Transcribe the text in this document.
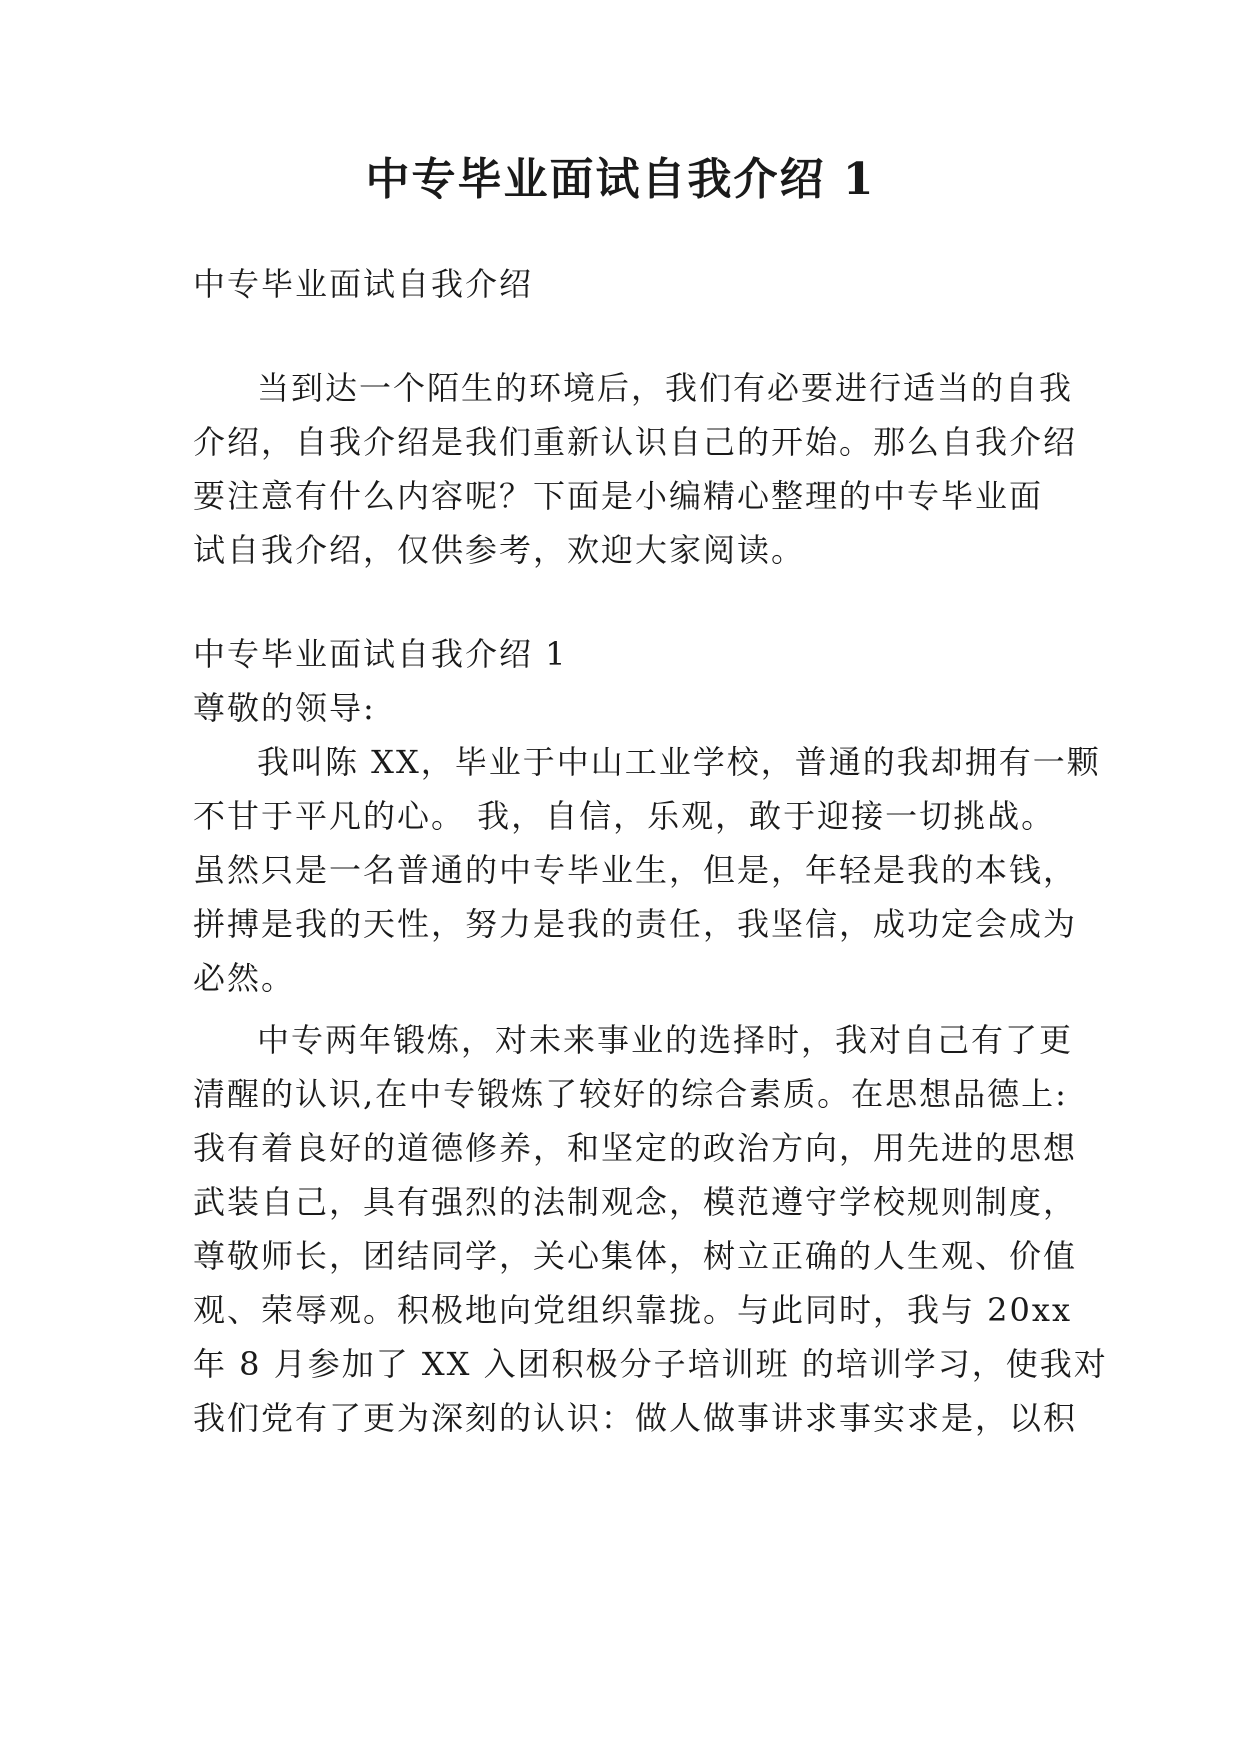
中专毕业面试自我介绍 1
中专毕业面试自我介绍
当到达一个陌生的环境后，我们有必要进行适当的自我
介绍，自我介绍是我们重新认识自己的开始。那么自我介绍
要注意有什么内容呢？下面是小编精心整理的中专毕业面
试自我介绍，仅供参考，欢迎大家阅读。
中专毕业面试自我介绍 1
尊敬的领导:
我叫陈 XX，毕业于中山工业学校，普通的我却拥有一颗
不甘于平凡的心。 我，自信，乐观，敢于迎接一切挑战。
虽然只是一名普通的中专毕业生，但是，年轻是我的本钱，
拼搏是我的天性，努力是我的责任，我坚信，成功定会成为
必然。
中专两年锻炼，对未来事业的选择时，我对自己有了更
清醒的认识,在中专锻炼了较好的综合素质。在思想品德上:
我有着良好的道德修养，和坚定的政治方向，用先进的思想
武装自己，具有强烈的法制观念，模范遵守学校规则制度，
尊敬师长，团结同学，关心集体，树立正确的人生观、价值
观、荣辱观。积极地向党组织靠拢。与此同时，我与 20xx
年 8 月参加了 XX 入团积极分子培训班 的培训学习，使我对
我们党有了更为深刻的认识：做人做事讲求事实求是，以积
